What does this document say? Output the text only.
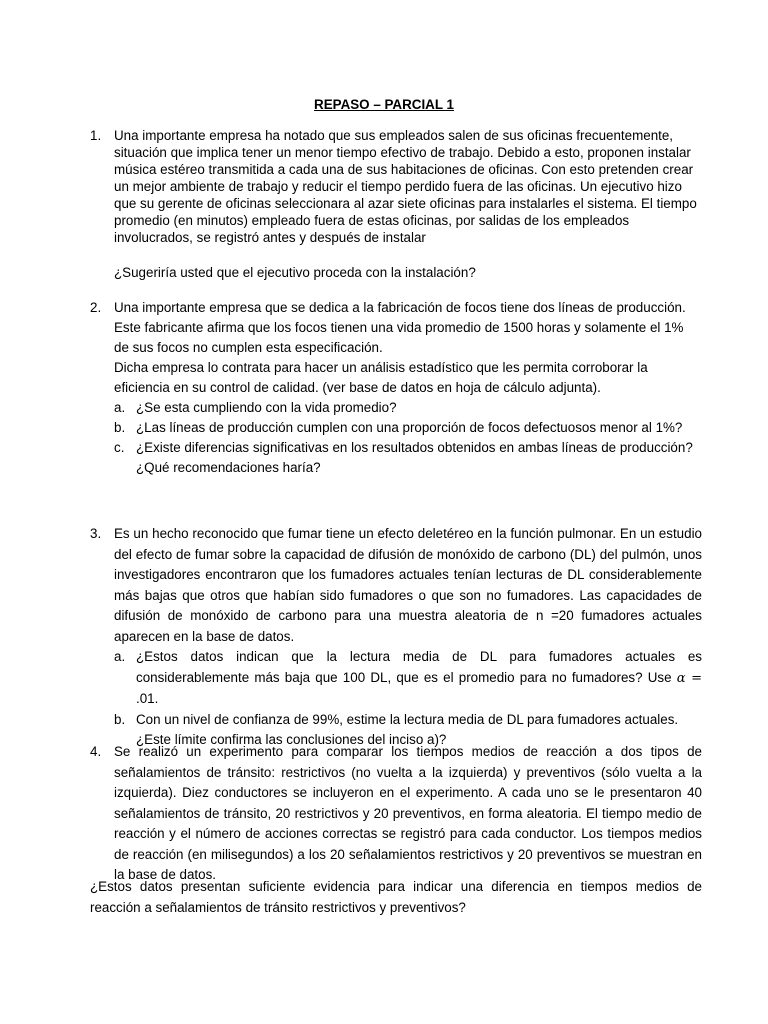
REPASO – PARCIAL 1
1. Una importante empresa ha notado que sus empleados salen de sus oficinas frecuentemente, situación que implica tener un menor tiempo efectivo de trabajo. Debido a esto, proponen instalar música estéreo transmitida a cada una de sus habitaciones de oficinas. Con esto pretenden crear un mejor ambiente de trabajo y reducir el tiempo perdido fuera de las oficinas. Un ejecutivo hizo que su gerente de oficinas seleccionara al azar siete oficinas para instalarles el sistema. El tiempo promedio (en minutos) empleado fuera de estas oficinas, por salidas de los empleados involucrados, se registró antes y después de instalar
¿Sugeriría usted que el ejecutivo proceda con la instalación?
2. Una importante empresa que se dedica a la fabricación de focos tiene dos líneas de producción. Este fabricante afirma que los focos tienen una vida promedio de 1500 horas y solamente el 1% de sus focos no cumplen esta especificación.
Dicha empresa lo contrata para hacer un análisis estadístico que les permita corroborar la eficiencia en su control de calidad. (ver base de datos en hoja de cálculo adjunta).
a. ¿Se esta cumpliendo con la vida promedio?
b. ¿Las líneas de producción cumplen con una proporción de focos defectuosos menor al 1%?
c. ¿Existe diferencias significativas en los resultados obtenidos en ambas líneas de producción? ¿Qué recomendaciones haría?
3. Es un hecho reconocido que fumar tiene un efecto deletéreo en la función pulmonar. En un estudio del efecto de fumar sobre la capacidad de difusión de monóxido de carbono (DL) del pulmón, unos investigadores encontraron que los fumadores actuales tenían lecturas de DL considerablemente más bajas que otros que habían sido fumadores o que son no fumadores. Las capacidades de difusión de monóxido de carbono para una muestra aleatoria de n =20 fumadores actuales aparecen en la base de datos.
a. ¿Estos datos indican que la lectura media de DL para fumadores actuales es considerablemente más baja que 100 DL, que es el promedio para no fumadores? Use α = .01.
b. Con un nivel de confianza de 99%, estime la lectura media de DL para fumadores actuales. ¿Este límite confirma las conclusiones del inciso a)?
4. Se realizó un experimento para comparar los tiempos medios de reacción a dos tipos de señalamientos de tránsito: restrictivos (no vuelta a la izquierda) y preventivos (sólo vuelta a la izquierda). Diez conductores se incluyeron en el experimento. A cada uno se le presentaron 40 señalamientos de tránsito, 20 restrictivos y 20 preventivos, en forma aleatoria. El tiempo medio de reacción y el número de acciones correctas se registró para cada conductor. Los tiempos medios de reacción (en milisegundos) a los 20 señalamientos restrictivos y 20 preventivos se muestran en la base de datos.
¿Estos datos presentan suficiente evidencia para indicar una diferencia en tiempos medios de reacción a señalamientos de tránsito restrictivos y preventivos?
